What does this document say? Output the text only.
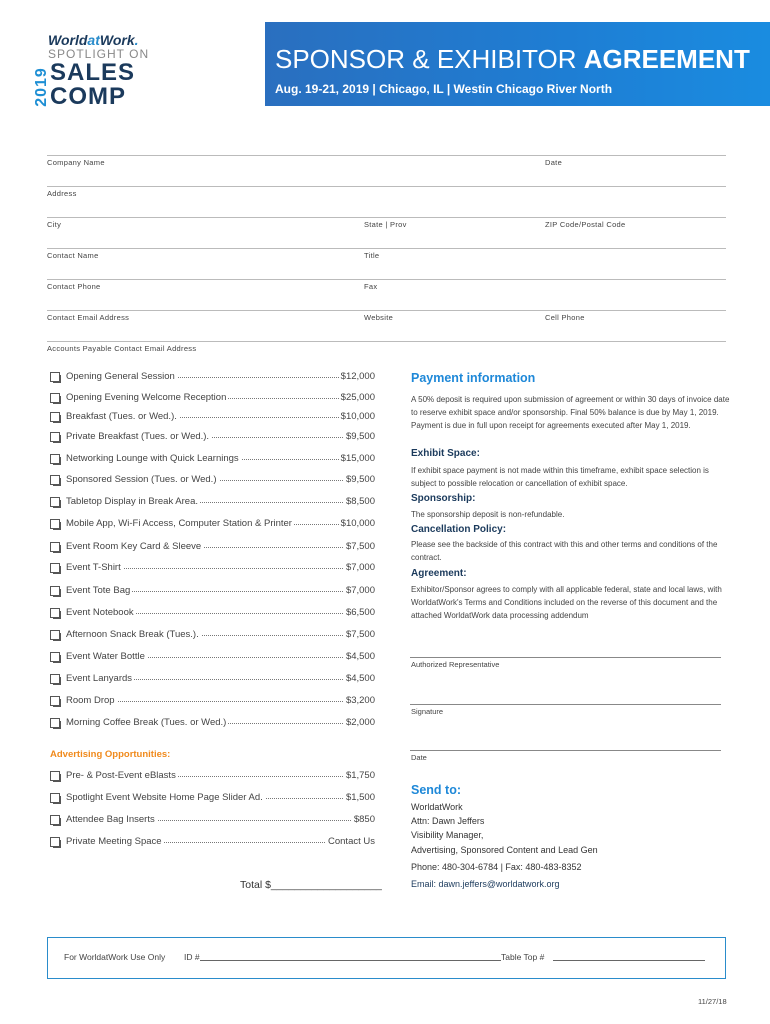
WorldatWork.
SPOTLIGHT ON
2019 SALES
COMP
SPONSOR & EXHIBITOR AGREEMENT
Aug. 19-21, 2019 | Chicago, IL | Westin Chicago River North
Company Name	Date
Address
City	State | Prov	ZIP Code/Postal Code
Contact Name	Title
Contact Phone	Fax
Contact Email Address	Website	Cell Phone
Accounts Payable Contact Email Address
Opening General Session	$12,000
Opening Evening Welcome Reception	$25,000
Breakfast (Tues. or Wed.).	$10,000
Private Breakfast (Tues. or Wed.).	$9,500
Networking Lounge with Quick Learnings	$15,000
Sponsored Session (Tues. or Wed.)	$9,500
Tabletop Display in Break Area.	$8,500
Mobile App, Wi-Fi Access, Computer Station & Printer	$10,000
Event Room Key Card & Sleeve	$7,500
Event T-Shirt	$7,000
Event Tote Bag	$7,000
Event Notebook	$6,500
Afternoon Snack Break (Tues.).	$7,500
Event Water Bottle	$4,500
Event Lanyards	$4,500
Room Drop	$3,200
Morning Coffee Break (Tues. or Wed.)	$2,000
Advertising Opportunities:
Pre- & Post-Event eBlasts	$1,750
Spotlight Event Website Home Page Slider Ad.	$1,500
Attendee Bag Inserts	$850
Private Meeting Space	Contact Us
Total $___________________
Payment information
A 50% deposit is required upon submission of agreement or within 30 days of invoice date to reserve exhibit space and/or sponsorship. Final 50% balance is due by May 1, 2019. Payment is due in full upon receipt for agreements executed after May 1, 2019.
Exhibit Space:
If exhibit space payment is not made within this timeframe, exhibit space selection is subject to possible relocation or cancellation of exhibit space.
Sponsorship:
The sponsorship deposit is non-refundable.
Cancellation Policy:
Please see the backside of this contract with this and other terms and conditions of the contract.
Agreement:
Exhibitor/Sponsor agrees to comply with all applicable federal, state and local laws, with WorldatWork's Terms and Conditions included on the reverse of this document and the attached WorldatWork data processing addendum
Authorized Representative
Signature
Date
Send to:
WorldatWork
Attn: Dawn Jeffers
Visibility Manager,
Advertising, Sponsored Content and Lead Gen
Phone: 480-304-6784 | Fax: 480-483-8352
Email: dawn.jeffers@worldatwork.org
For WorldatWork Use Only ID #	Table Top #
11/27/18
